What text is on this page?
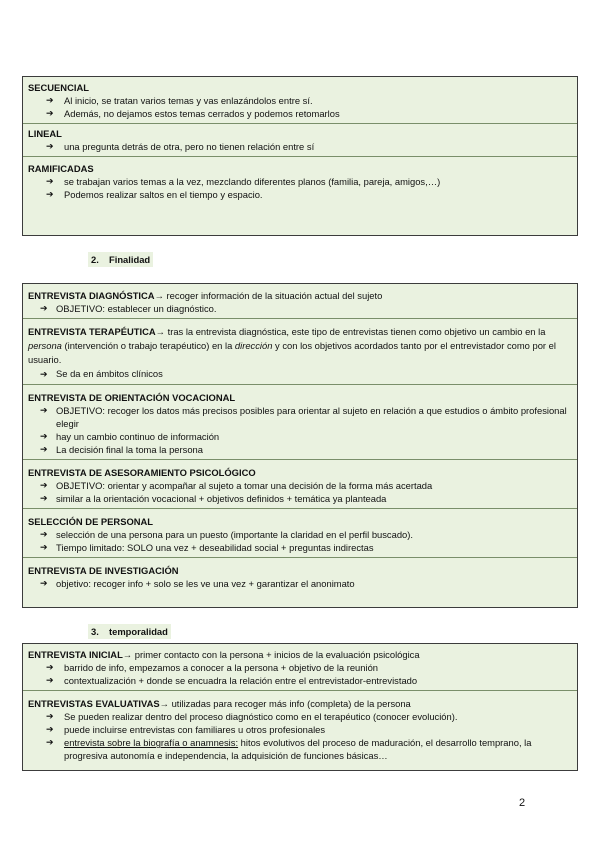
SECUENCIAL
➔ Al inicio, se tratan varios temas y vas enlazándolos entre sí.
➔ Además, no dejamos estos temas cerrados y podemos retomarlos
LINEAL
➔ una pregunta detrás de otra, pero no tienen relación entre sí
RAMIFICADAS
➔ se trabajan varios temas a la vez, mezclando diferentes planos (familia, pareja, amigos,…)
➔ Podemos realizar saltos en el tiempo y espacio.
2. Finalidad
ENTREVISTA DIAGNÓSTICA→ recoger información de la situación actual del sujeto
➔ OBJETIVO: establecer un diagnóstico.
ENTREVISTA TERAPÉUTICA→ tras la entrevista diagnóstica, este tipo de entrevistas tienen como objetivo un cambio en la persona (intervención o trabajo terapéutico) en la dirección y con los objetivos acordados tanto por el entrevistador como por el usuario.
➔ Se da en ámbitos clínicos
ENTREVISTA DE ORIENTACIÓN VOCACIONAL
➔ OBJETIVO: recoger los datos más precisos posibles para orientar al sujeto en relación a que estudios o ámbito profesional elegir
➔ hay un cambio continuo de información
➔ La decisión final la toma la persona
ENTREVISTA DE ASESORAMIENTO PSICOLÓGICO
➔ OBJETIVO: orientar y acompañar al sujeto a tomar una decisión de la forma más acertada
➔ similar a la orientación vocacional + objetivos definidos + temática ya planteada
SELECCIÓN DE PERSONAL
➔ selección de una persona para un puesto (importante la claridad en el perfil buscado).
➔ Tiempo limitado: SOLO una vez + deseabilidad social + preguntas indirectas
ENTREVISTA DE INVESTIGACIÓN
➔ objetivo: recoger info + solo se les ve una vez + garantizar el anonimato
3. temporalidad
ENTREVISTA INICIAL→ primer contacto con la persona + inicios de la evaluación psicológica
➔ barrido de info, empezamos a conocer a la persona + objetivo de la reunión
➔ contextualización + donde se encuadra la relación entre el entrevistador-entrevistado
ENTREVISTAS EVALUATIVAS→ utilizadas para recoger más info (completa) de la persona
➔ Se pueden realizar dentro del proceso diagnóstico como en el terapéutico (conocer evolución).
➔ puede incluirse entrevistas con familiares u otros profesionales
➔ entrevista sobre la biografía o anamnesis: hitos evolutivos del proceso de maduración, el desarrollo temprano, la progresiva autonomía e independencia, la adquisición de funciones básicas…
2
